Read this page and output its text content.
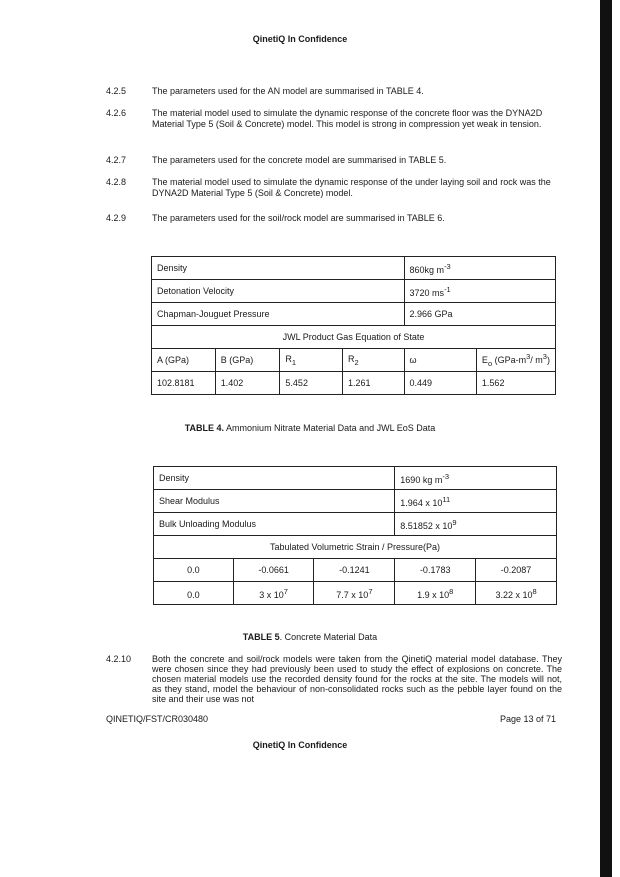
QinetiQ In Confidence
4.2.5	The parameters used for the AN model are summarised in TABLE 4.
4.2.6	The material model used to simulate the dynamic response of the concrete floor was the DYNA2D Material Type 5 (Soil & Concrete) model. This model is strong in compression yet weak in tension.
4.2.7	The parameters used for the concrete model are summarised in TABLE 5.
4.2.8	The material model used to simulate the dynamic response of the under laying soil and rock was the DYNA2D Material Type 5 (Soil & Concrete) model.
4.2.9	The parameters used for the soil/rock model are summarised in TABLE 6.
Density				860kg $m^{-3}$
Detonation Velocity				3720 $ms^{-1}$
Chapman-Jouguet Pressure				2.966 GPa	
JWL Product Gas Equation of State					
A (GPa)	B (GPa)	$R_1$	$R_2$	ω	$E_o$ ($GPa-m^3/$ $m^3$)
102.8181	1.402	5.452	1.261	0.449	1.562
TABLE 4. Ammonium Nitrate Material Data and JWL EoS Data
Density			1690 kg $m^{-3}$
Shear Modulus			1.964 x $10^{11}$
Bulk Unloading Modulus			8.51852 x $10^9$
Tabulated Volumetric Strain / Pressure(Pa)				
0.0	-0.0661	-0.1241	-0.1783	-0.2087
0.0	3 x $10^7$	7.7 x $10^7$	1.9 x $10^8$	3.22 x $10^8$
TABLE 5. Concrete Material Data
4.2.10 Both the concrete and soil/rock models were taken from the QinetiQ material model database. They were chosen since they had previously been used to study the effect of explosions on concrete. The chosen material models use the recorded density found for the rocks at the site. The models will not, as they stand, model the behaviour of non-consolidated rocks such as the pebble layer found on the site and their use was not
QINETIQ/FST/CR030480	Page 13 of 71
QinetiQ In Confidence
